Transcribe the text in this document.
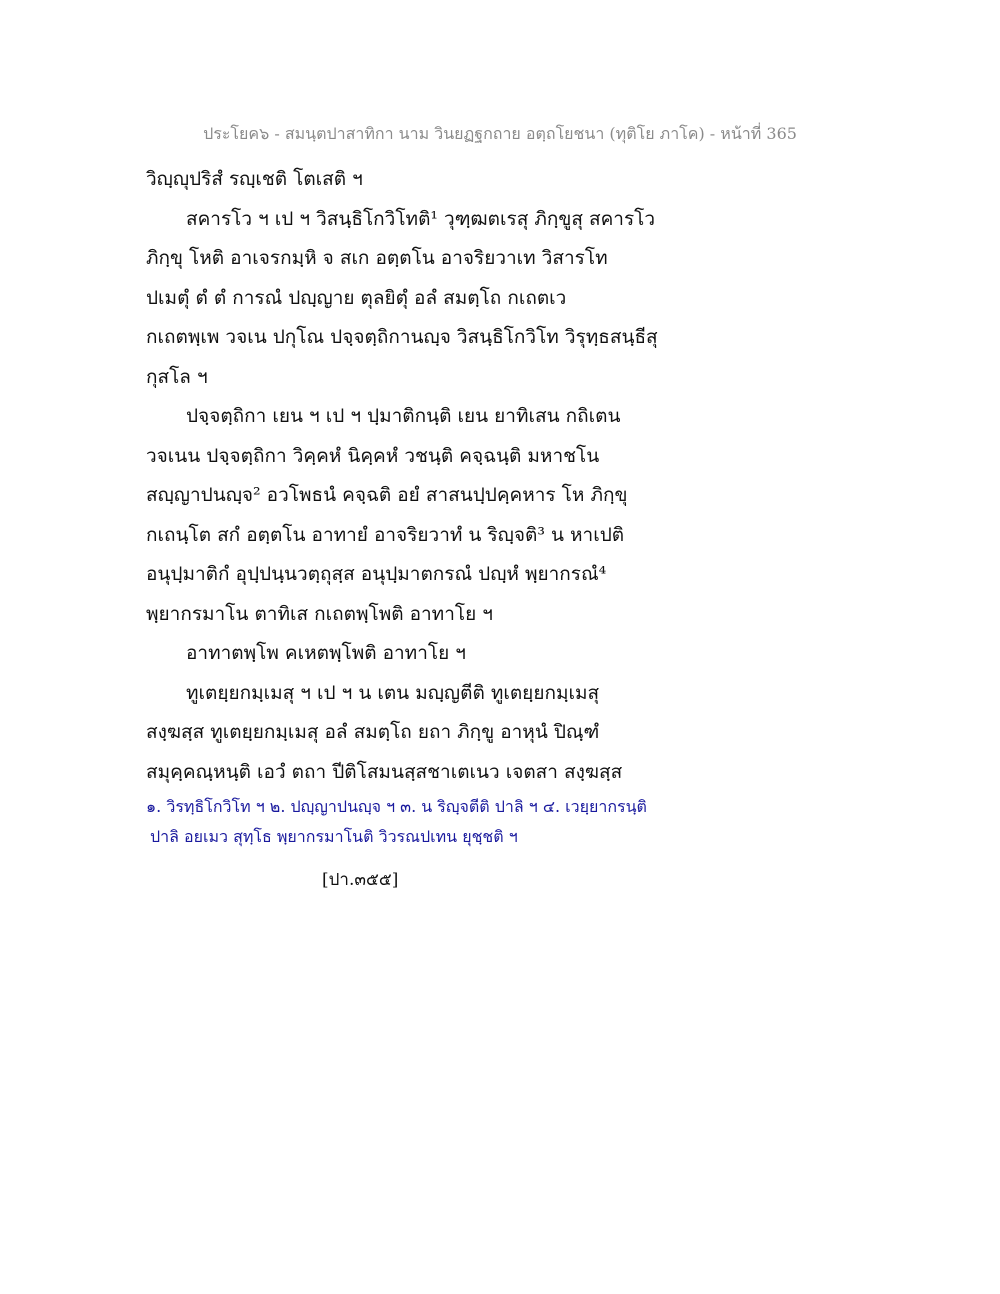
ประโยค๖ - สมนฺตปาสาทิกา นาม วินยฏฐกถาย อตฺถโยชนา (ทุติโย ภาโค) - หน้าที่ 365
วิญฺญุปริสํ รญฺเชติ โตเสติ ฯ
สคารโว ฯ เป ฯ วิสนฺธิโกวิโทติ¹ วุฑฺฒตเรสุ ภิกฺขูสุ สคารโว
ภิกฺขุ โหติ อาเจรกมฺหิ จ สเก อตฺตโน อาจริยวาเท วิสารโท
ปเมตุํ ตํ ตํ การณํ ปญฺญาย ตุลยิตุํ อลํ สมตฺโถ กเถตเว
กเถตพฺเพ วจเน ปกุโณ ปจฺจตฺถิกานญฺจ วิสนฺธิโกวิโท วิรุทฺธสนฺธีสุ
กุสโล ฯ
ปจฺจตฺถิกา เยน ฯ เป ฯ ปฺมาติกนฺติ เยน ยาทิเสน กถิเตน
วจเนน ปจฺจตฺถิกา วิคฺคหํ นิคฺคหํ วชนฺติ คจฺฉนฺติ มหาชโน
สญฺญาปนญฺจ² อวโพธนํ คจฺฉติ อยํ สาสนปฺปคฺคหาร โห ภิกฺขุ
กเถนฺโต สกํ อตฺตโน อาทายํ อาจริยวาทํ น ริญฺจติ³ น หาเปติ
อนุปฺมาติกํ อุปฺปนฺนวตฺถุสฺส อนุปฺมาตกรณํ ปญฺหํ พฺยากรณํ⁴
พฺยากรมาโน ตาทิเส กเถตพฺโพติ อาทาโย ฯ
อาทาตพฺโพ คเหตพฺโพติ อาทาโย ฯ
ทูเตยฺยกมฺเมสุ ฯ เป ฯ น เตน มญฺญตีติ ทูเตยฺยกมฺเมสุ
สงฺฆสฺส ทูเตยฺยกมฺเมสุ อลํ สมตฺโถ ยถา ภิกฺขู อาหุนํ ปิณฺฑํ
สมุคฺคณฺหนฺติ เอวํ ตถา ปีติโสมนสฺสชาเตเนว เจตสา สงฺฆสฺส
๑. วิรทฺธิโกวิโท ฯ ๒. ปญฺญาปนญฺจ ฯ ๓. น ริญฺจตีติ ปาลิ ฯ ๔. เวยฺยากรนฺติ
ปาลิ อยเมว สุทฺโธ พฺยากรมาโนติ วิวรณปเทน ยุชฺชติ ฯ
[ปา.๓๕๕]
